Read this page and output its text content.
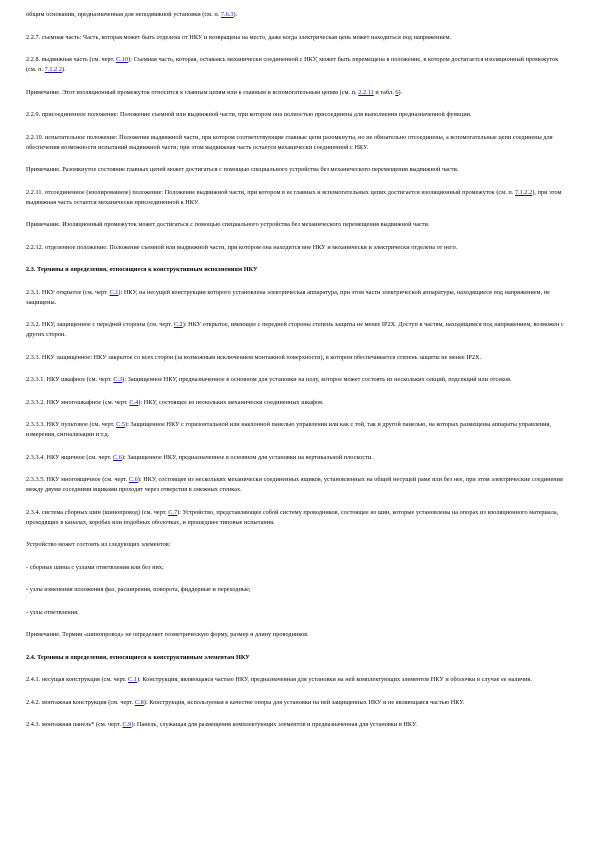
общим основании, предназначенная для неподвижной установки (см. п. 7.6.3).

2.2.7. съемная часть: Часть, которая может быть отделена от НКУ и возвращена на место, даже когда электрическая цепь может находиться под напряжением.

2.2.8. выдвижная часть (см. черт. С.10): Съемная часть, которая, оставаясь механически соединенной с НКУ, может быть перемещена в положение, в котором достигается изоляционный промежуток (см. п. 7.1.2.2).

Примечание. Этот изоляционный промежуток относится к главным цепям или к главным и вспомогательным цепям (см. п. 2.2.11 и табл. 6).

2.2.9. присоединенное положение: Положение съемной или выдвижной части, при котором она полностью присоединена для выполнения предназначенной функции.

2.2.10. испытательное положение: Положение выдвижной части, при котором соответствующие главные цепи разомкнуты, но не обязательно отсоединены, а вспомогательные цепи соединены для обеспечения возможности испытаний выдвижной части; при этом выдвижная часть остается механически соединенной с НКУ.

Примечание. Разомкнутое состояние главных цепей может достигаться с помощью специального устройства без механического перемещения выдвижной части.

2.2.11. отсоединенное (изолированное) положение: Положение выдвижной части, при котором в ее главных и вспомогательных цепях достигается изоляционный промежуток (см. п. 7.1.2.2), при этом выдвижная часть остается механически присоединенной к НКУ.

Примечание. Изоляционный промежуток может достигаться с помощью специального устройства без механического перемещения выдвижной части.

2.2.12. отделенное положение: Положение съемной или выдвижной части, при котором она находится вне НКУ и механически и электрически отделена от него.

2.3. Термины и определения, относящиеся к конструктивным исполнениям НКУ

2.3.1. НКУ открытое (см. черт. С.1): НКУ, на несущей конструкции которого установлена электрическая аппаратура, при этом части электрической аппаратуры, находящиеся под напряжением, не защищены.

2.3.2. НКУ, защищенное с передней стороны (см. черт. С.2): НКУ открытое, имеющее с передней стороны степень защиты не менее IP2X. Доступ к частям, находящимся под напряжением, возможен с других сторон.

2.3.3. НКУ защищенное: НКУ закрытое со всех сторон (за возможным исключением монтажной поверхности), в котором обеспечивается степень защиты не менее IP2X.

2.3.3.1. НКУ шкафное (см. черт. С.3): Защищенное НКУ, предназначенное в основном для установки на полу, которое может состоять из нескольких секций, подсекций или отсеков.

2.3.3.2. НКУ многошкафное (см. черт. С.4): НКУ, состоящее из нескольких механически соединенных шкафов.

2.3.3.3. НКУ пультовое (см. черт. С.5): Защищенное НКУ с горизонтальной или наклонной панелью управления или как с той, так и другой панелью, на которых размещены аппараты управления, измерения, сигнализации и т.д.

2.3.3.4. НКУ ящичное (см. черт. С.6): Защищенное НКУ, предназначенное в основном для установки на вертикальной плоскости.

2.3.3.5. НКУ многоящичное (см. черт. С.6): НКУ, состоящее из нескольких механически соединенных ящиков, установленных на общей несущей раме или без нее, при этом электрические соединения между двумя соседними ящиками проходят через отверстия в смежных стенках.

2.3.4. система сборных шин (шинопровод) (см. черт. С.7): Устройство, представляющее собой систему проводников, состоящее из шин, которые установлены на опорах из изоляционного материала, проходящих в каналах, коробах или подобных оболочках, и прошедшее типовые испытания.

Устройство может состоять из следующих элементов:

- сборные шины с узлами ответвления или без них;

- узлы изменения положения фаз, расширения, поворота, фиддерные и переходные;

- узлы ответвления.

Примечание. Термин «шинопровод» не определяет геометрическую форму, размер и длину проводников.

2.4. Термины и определения, относящиеся к конструктивным элементам НКУ

2.4.1. несущая конструкция (см. черт. С.1): Конструкция, являющаяся частью НКУ, предназначенная для установки на ней комплектующих элементов НКУ и оболочки в случае ее наличия.

2.4.2. монтажная конструкция (см. черт. С.8): Конструкция, используемая в качестве опоры для установки на ней защищенных НКУ и не являющаяся частью НКУ.

2.4.3. монтажная панель* (см. черт. С.9): Панель, служащая для размещения комплектующих элементов и предназначенная для установки в НКУ.
